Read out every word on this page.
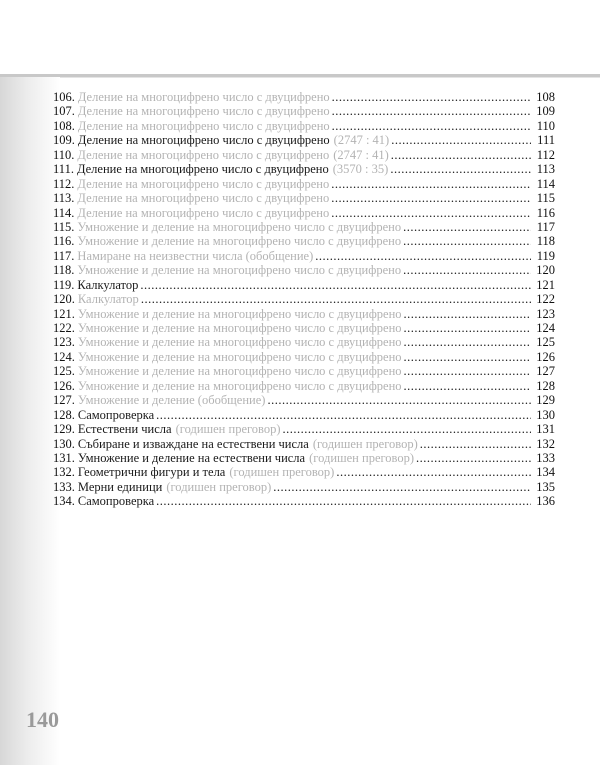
106. Деление на многоцифрено число с двуцифрено .....	108
107. Деление на многоцифрено число с двуцифрено .....	109
108. Деление на многоцифрено число с двуцифрено .....	110
109. Деление на многоцифрено число с двуцифрено (2747 : 41) .....	111
110. Деление на многоцифрено число с двуцифрено (2747 : 41) .....	112
111. Деление на многоцифрено число с двуцифрено (3570 : 35) .....	113
112. Деление на многоцифрено число с двуцифрено .....	114
113. Деление на многоцифрено число с двуцифрено .....	115
114. Деление на многоцифрено число с двуцифрено .....	116
115. Умножение и деление на многоцифрено число с двуцифрено .....	117
116. Умножение и деление на многоцифрено число с двуцифрено .....	118
117. Намиране на неизвестни числа (обобщение) .....	119
118. Умножение и деление на многоцифрено число с двуцифрено .....	120
119. Калкулатор .....	121
120. Калкулатор .....	122
121. Умножение и деление на многоцифрено число с двуцифрено .....	123
122. Умножение и деление на многоцифрено число с двуцифрено .....	124
123. Умножение и деление на многоцифрено число с двуцифрено .....	125
124. Умножение и деление на многоцифрено число с двуцифрено .....	126
125. Умножение и деление на многоцифрено число с двуцифрено .....	127
126. Умножение и деление на многоцифрено число с двуцифрено .....	128
127. Умножение и деление (обобщение) .....	129
128. Самопроверка .....	130
129. Естествени числа (годишен преговор) .....	131
130. Събиране и изваждане на естествени числа (годишен преговор) .....	132
131. Умножение и деление на естествени числа (годишен преговор) .....	133
132. Геометрични фигури и тела (годишен преговор) .....	134
133. Мерни единици (годишен преговор) .....	135
134. Самопроверка .....	136
140
